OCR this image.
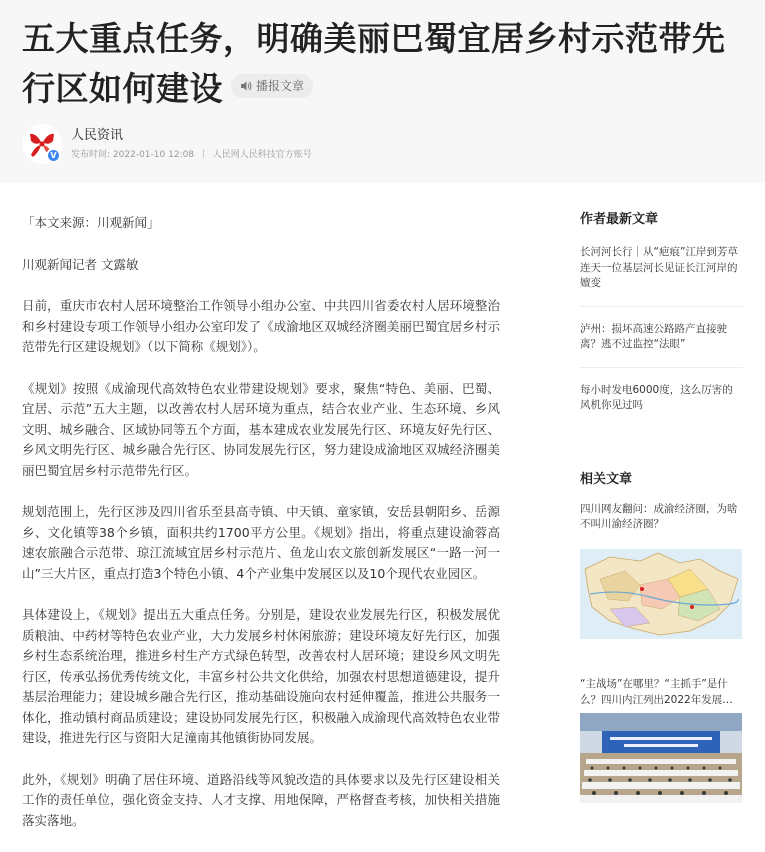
五大重点任务，明确美丽巴蜀宜居乡村示范带先行区如何建设	播报文章
V
人民资讯
发布时间: 2022-01-10 12:08 人民网人民科技官方账号

「本文来源：川观新闻」

川观新闻记者 文露敏

日前，重庆市农村人居环境整治工作领导小组办公室、中共四川省委农村人居环境整治和乡村建设专项工作领导小组办公室印发了《成渝地区双城经济圈美丽巴蜀宜居乡村示范带先行区建设规划》（以下简称《规划》）。

《规划》按照《成渝现代高效特色农业带建设规划》要求，聚焦“特色、美丽、巴蜀、宜居、示范”五大主题，以改善农村人居环境为重点，结合农业产业、生态环境、乡风文明、城乡融合、区域协同等五个方面，基本建成农业发展先行区、环境友好先行区、乡风文明先行区、城乡融合先行区、协同发展先行区，努力建设成渝地区双城经济圈美丽巴蜀宜居乡村示范带先行区。

规划范围上，先行区涉及四川省乐至县高寺镇、中天镇、童家镇，安岳县朝阳乡、岳源乡、文化镇等38个乡镇，面积共约1700平方公里。《规划》指出，将重点建设渝蓉高速农旅融合示范带、琼江流域宜居乡村示范片、鱼龙山农文旅创新发展区“一路一河一山”三大片区，重点打造3个特色小镇、4个产业集中发展区以及10个现代农业园区。

具体建设上，《规划》提出五大重点任务。分别是，建设农业发展先行区，积极发展优质粮油、中药材等特色农业产业，大力发展乡村休闲旅游；建设环境友好先行区，加强乡村生态系统治理，推进乡村生产方式绿色转型，改善农村人居环境；建设乡风文明先行区，传承弘扬优秀传统文化，丰富乡村公共文化供给，加强农村思想道德建设，提升基层治理能力；建设城乡融合先行区，推动基础设施向农村延伸覆盖，推进公共服务一体化，推动镇村商品质建设；建设协同发展先行区，积极融入成渝现代高效特色农业带建设，推进先行区与资阳大足潼南其他镇街协同发展。

此外，《规划》明确了居住环境、道路沿线等风貌改造的具体要求以及先行区建设相关工作的责任单位，强化资金支持、人才支撑、用地保障，严格督查考核，加快相关措施落实落地。

作者最新文章
长河河长行｜从“疤痕”江岸到芳草连天一位基层河长见证长江河岸的嬗变
泸州：损坏高速公路路产直接驶离？逃不过监控“法眼”
每小时发电6000度，这么厉害的风机你见过吗
相关文章
四川网友翻问：成渝经济圈，为啥不叫川渝经济圈？
“主战场”在哪里？“主抓手”是什么？四川内江列出2022年发展…
